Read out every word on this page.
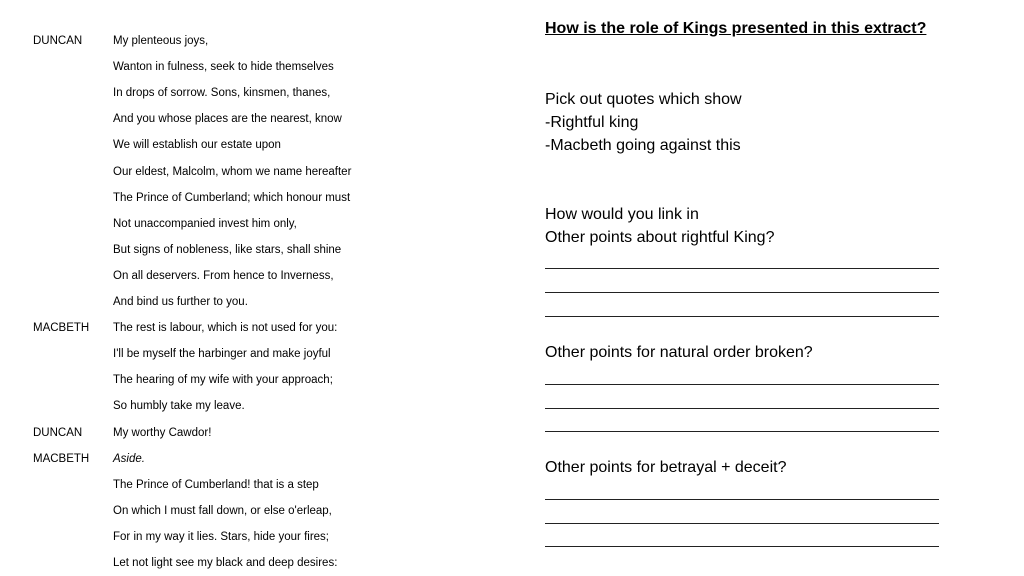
DUNCAN	My plenteous joys,
Wanton in fulness, seek to hide themselves
In drops of sorrow. Sons, kinsmen, thanes,
And you whose places are the nearest, know
We will establish our estate upon
Our eldest, Malcolm, whom we name hereafter
The Prince of Cumberland; which honour must
Not unaccompanied invest him only,
But signs of nobleness, like stars, shall shine
On all deservers. From hence to Inverness,
And bind us further to you.
MACBETH The rest is labour, which is not used for you:
I'll be myself the harbinger and make joyful
The hearing of my wife with your approach;
So humbly take my leave.
DUNCAN	My worthy Cawdor!
MACBETH Aside.
The Prince of Cumberland! that is a step
On which I must fall down, or else o'erleap,
For in my way it lies. Stars, hide your fires;
Let not light see my black and deep desires:
How is the role of Kings presented in this extract?
Pick out quotes which show
-Rightful king
-Macbeth going against this
How would you link in
Other points about rightful King?
Other points for natural order broken?
Other points for betrayal + deceit?
